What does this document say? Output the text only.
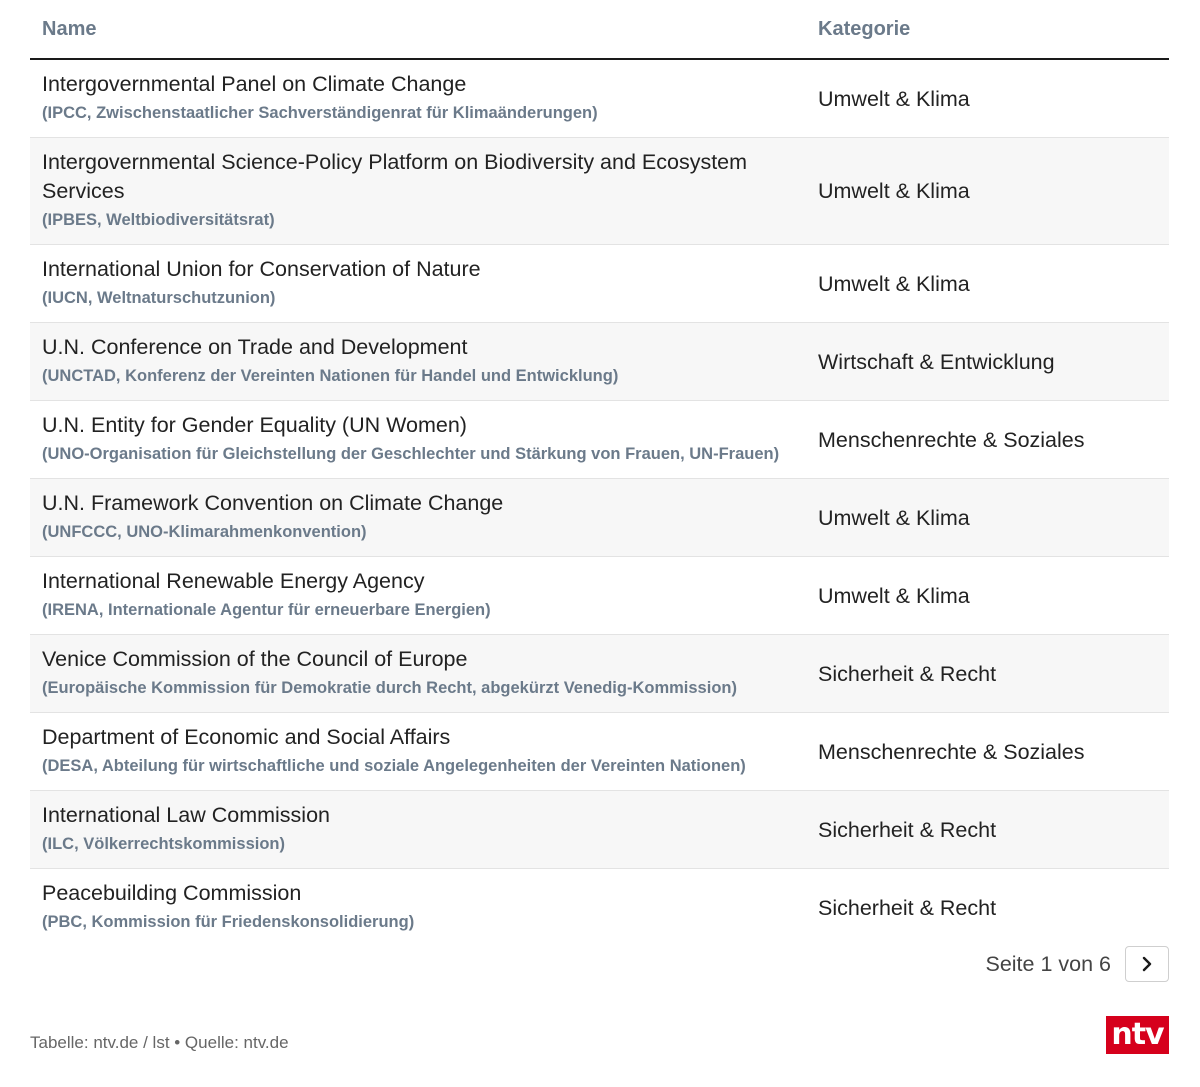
Name	Kategorie

Intergovernmental Panel on Climate Change
(IPCC, Zwischenstaatlicher Sachverständigenrat für Klimaänderungen)	Umwelt & Klima

Intergovernmental Science-Policy Platform on Biodiversity and Ecosystem Services
(IPBES, Weltbiodiversitätsrat)	Umwelt & Klima

International Union for Conservation of Nature
(IUCN, Weltnaturschutzunion)	Umwelt & Klima

U.N. Conference on Trade and Development
(UNCTAD, Konferenz der Vereinten Nationen für Handel und Entwicklung)	Wirtschaft & Entwicklung

U.N. Entity for Gender Equality (UN Women)
(UNO-Organisation für Gleichstellung der Geschlechter und Stärkung von Frauen, UN-Frauen)	Menschenrechte & Soziales

U.N. Framework Convention on Climate Change
(UNFCCC, UNO-Klimarahmenkonvention)	Umwelt & Klima

International Renewable Energy Agency
(IRENA, Internationale Agentur für erneuerbare Energien)	Umwelt & Klima

Venice Commission of the Council of Europe
(Europäische Kommission für Demokratie durch Recht, abgekürzt Venedig-Kommission)	Sicherheit & Recht

Department of Economic and Social Affairs
(DESA, Abteilung für wirtschaftliche und soziale Angelegenheiten der Vereinten Nationen)	Menschenrechte & Soziales

International Law Commission
(ILC, Völkerrechtskommission)	Sicherheit & Recht

Peacebuilding Commission
(PBC, Kommission für Friedenskonsolidierung)	Sicherheit & Recht
Seite 1 von 6
Tabelle: ntv.de / lst • Quelle: ntv.de	ntv
